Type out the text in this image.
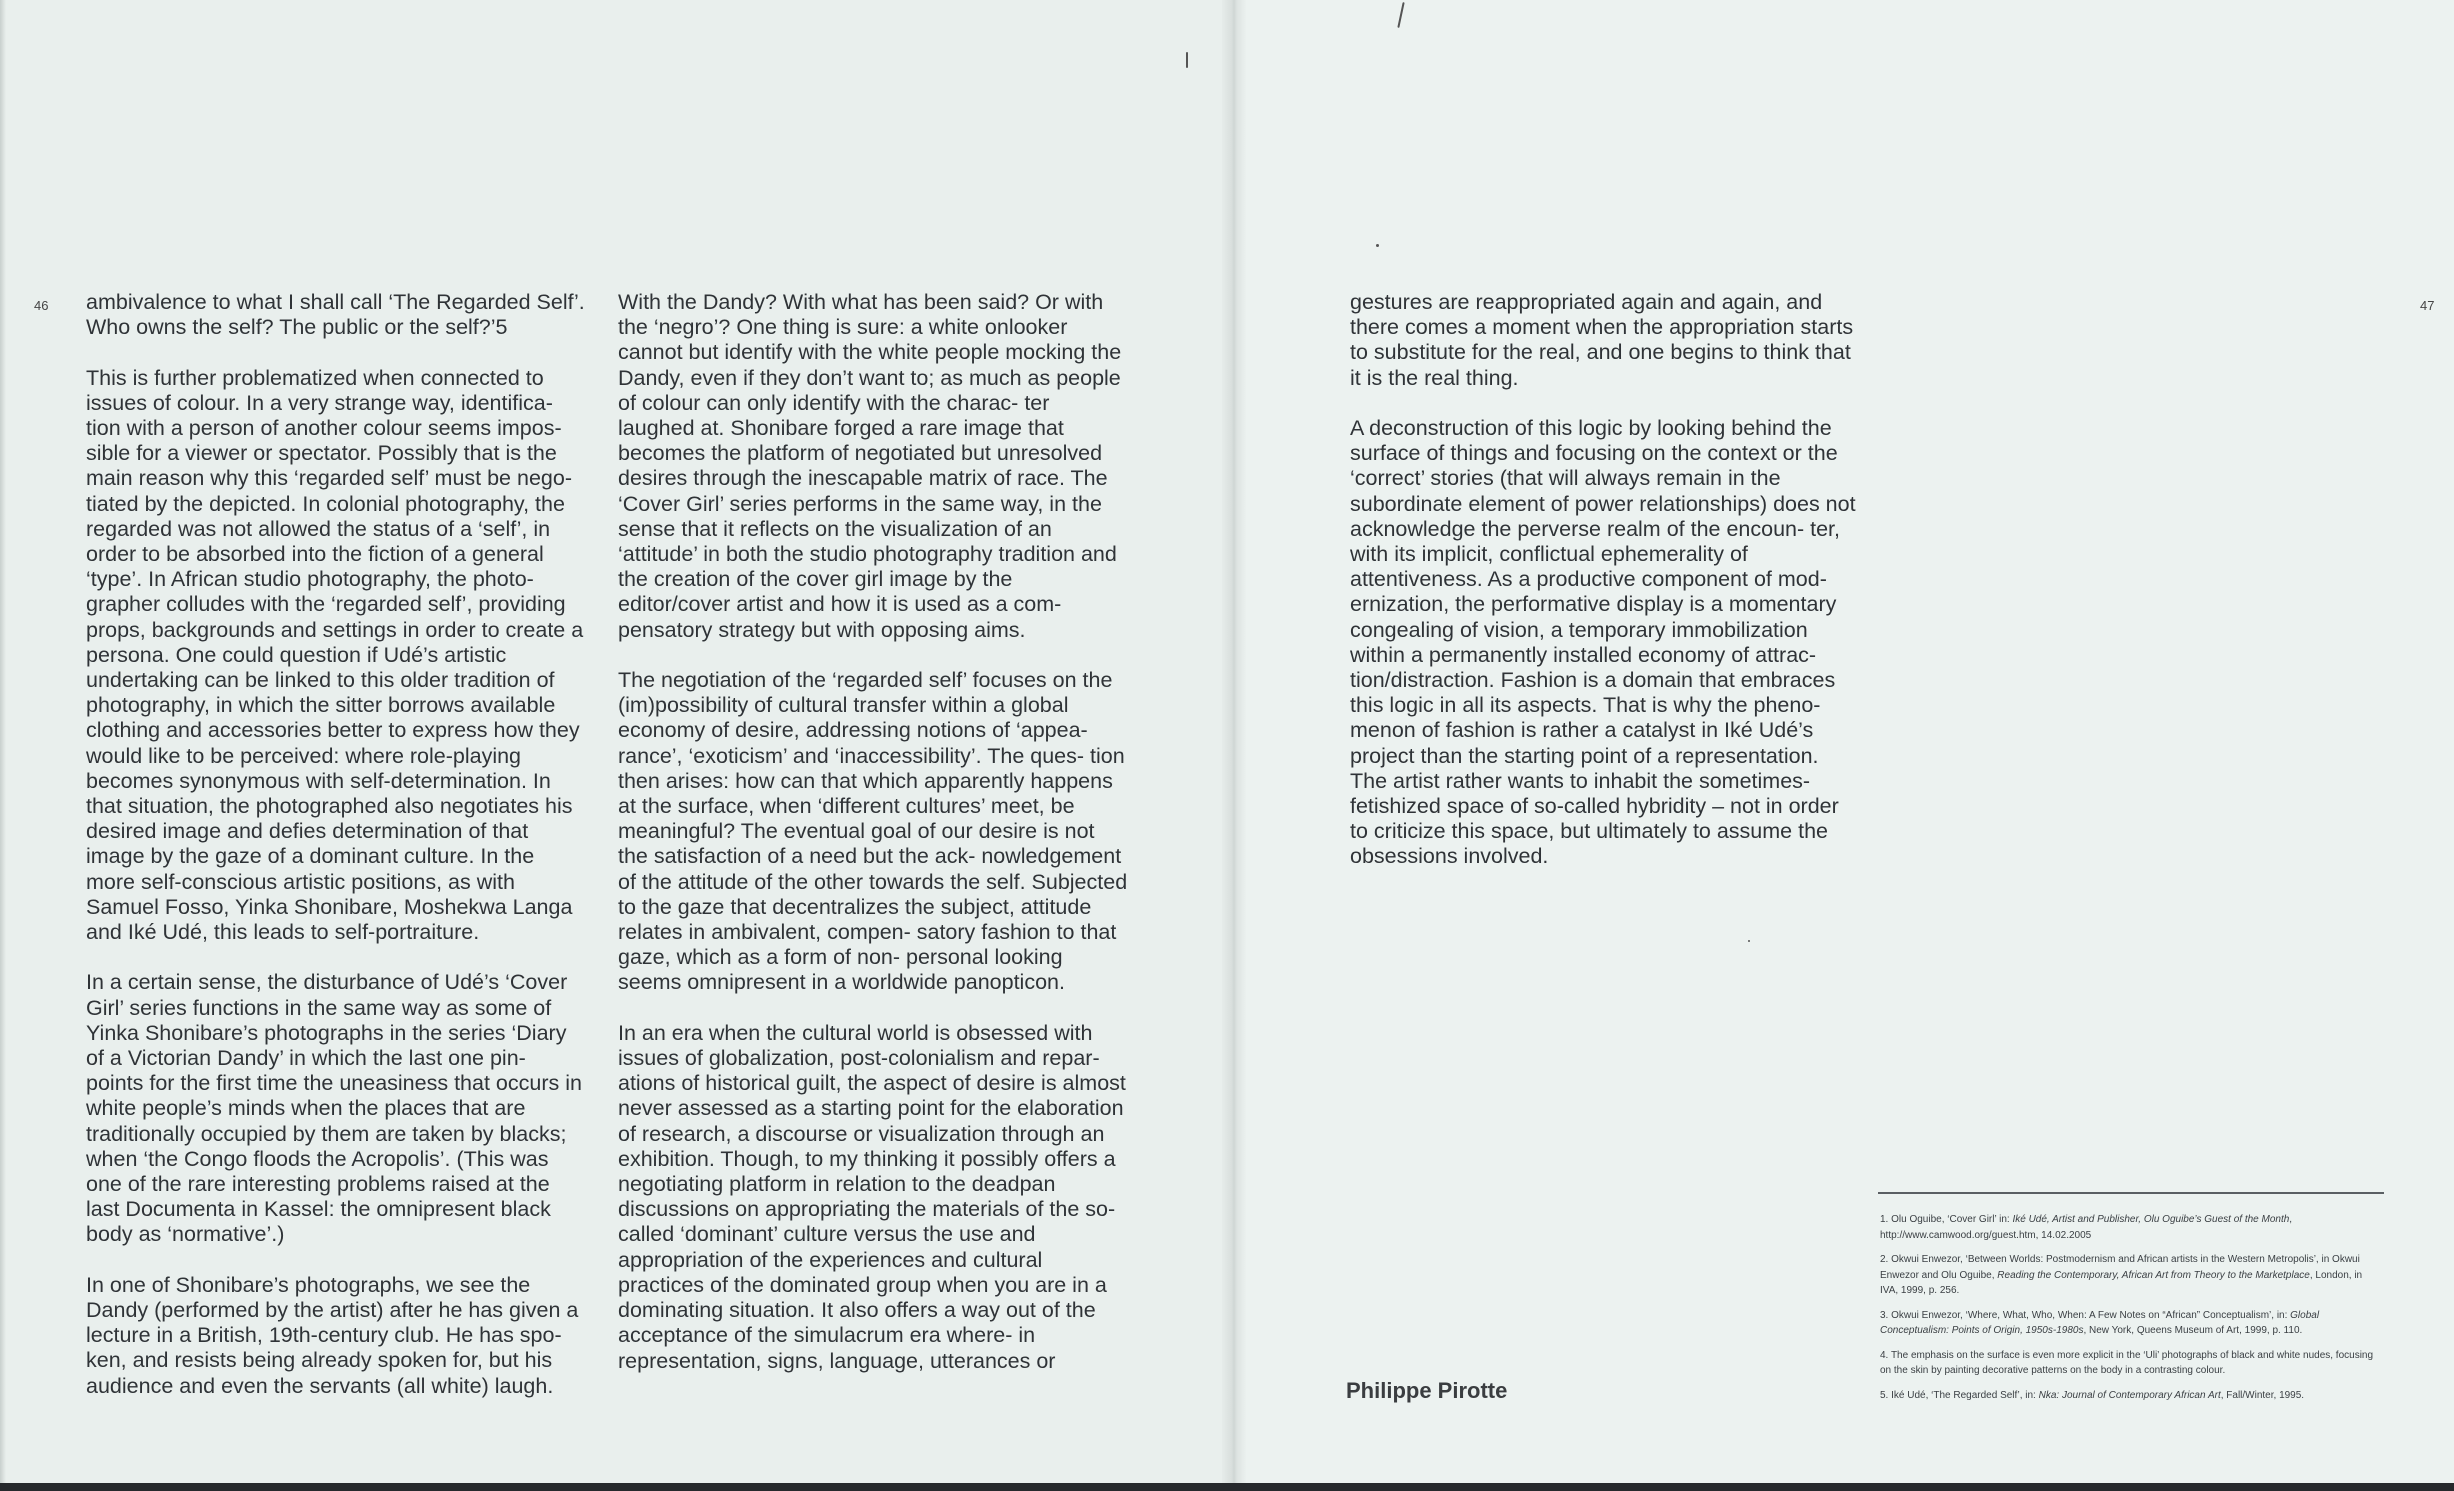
46	47

ambivalence to what I shall call ‘The Regarded Self’. Who owns the self? The public or the self?’5

This is further problematized when connected to issues of colour. In a very strange way, identifica- tion with a person of another colour seems impos- sible for a viewer or spectator. Possibly that is the main reason why this ‘regarded self’ must be nego- tiated by the depicted. In colonial photography, the regarded was not allowed the status of a ‘self’, in order to be absorbed into the fiction of a general ‘type’. In African studio photography, the photo- grapher colludes with the ‘regarded self’, providing props, backgrounds and settings in order to create a persona. One could question if Udé’s artistic undertaking can be linked to this older tradition of photography, in which the sitter borrows available clothing and accessories better to express how they would like to be perceived: where role-playing becomes synonymous with self-determination. In that situation, the photographed also negotiates his desired image and defies determination of that image by the gaze of a dominant culture. In the more self-conscious artistic positions, as with Samuel Fosso, Yinka Shonibare, Moshekwa Langa and Iké Udé, this leads to self-portraiture.

In a certain sense, the disturbance of Udé’s ‘Cover Girl’ series functions in the same way as some of Yinka Shonibare’s photographs in the series ‘Diary of a Victorian Dandy’ in which the last one pin- points for the first time the uneasiness that occurs in white people’s minds when the places that are traditionally occupied by them are taken by blacks; when ‘the Congo floods the Acropolis’. (This was one of the rare interesting problems raised at the last Documenta in Kassel: the omnipresent black body as ‘normative’.)

In one of Shonibare’s photographs, we see the Dandy (performed by the artist) after he has given a lecture in a British, 19th-century club. He has spo- ken, and resists being already spoken for, but his audience and even the servants (all white) laugh.

With the Dandy? With what has been said? Or with the ‘negro’? One thing is sure: a white onlooker cannot but identify with the white people mocking the Dandy, even if they don’t want to; as much as people of colour can only identify with the charac- ter laughed at. Shonibare forged a rare image that becomes the platform of negotiated but unresolved desires through the inescapable matrix of race. The ‘Cover Girl’ series performs in the same way, in the sense that it reflects on the visualization of an ‘attitude’ in both the studio photography tradition and the creation of the cover girl image by the editor/cover artist and how it is used as a com- pensatory strategy but with opposing aims.

The negotiation of the ‘regarded self’ focuses on the (im)possibility of cultural transfer within a global economy of desire, addressing notions of ‘appea- rance’, ‘exoticism’ and ‘inaccessibility’. The ques- tion then arises: how can that which apparently happens at the surface, when ‘different cultures’ meet, be meaningful? The eventual goal of our desire is not the satisfaction of a need but the ack- nowledgement of the attitude of the other towards the self. Subjected to the gaze that decentralizes the subject, attitude relates in ambivalent, compen- satory fashion to that gaze, which as a form of non- personal looking seems omnipresent in a worldwide panopticon.

In an era when the cultural world is obsessed with issues of globalization, post-colonialism and repar- ations of historical guilt, the aspect of desire is almost never assessed as a starting point for the elaboration of research, a discourse or visualization through an exhibition. Though, to my thinking it possibly offers a negotiating platform in relation to the deadpan discussions on appropriating the materials of the so-called ‘dominant’ culture versus the use and appropriation of the experiences and cultural practices of the dominated group when you are in a dominating situation. It also offers a way out of the acceptance of the simulacrum era where- in representation, signs, language, utterances or

gestures are reappropriated again and again, and there comes a moment when the appropriation starts to substitute for the real, and one begins to think that it is the real thing.

A deconstruction of this logic by looking behind the surface of things and focusing on the context or the ‘correct’ stories (that will always remain in the subordinate element of power relationships) does not acknowledge the perverse realm of the encoun- ter, with its implicit, conflictual ephemerality of attentiveness. As a productive component of mod- ernization, the performative display is a momentary congealing of vision, a temporary immobilization within a permanently installed economy of attrac- tion/distraction. Fashion is a domain that embraces this logic in all its aspects. That is why the pheno- menon of fashion is rather a catalyst in Iké Udé’s project than the starting point of a representation. The artist rather wants to inhabit the sometimes- fetishized space of so-called hybridity – not in order to criticize this space, but ultimately to assume the obsessions involved.

Philippe Pirotte
1. Olu Oguibe, ‘Cover Girl’ in: Iké Udé, Artist and Publisher, Olu Oguibe’s Guest of the Month, http://www.camwood.org/guest.htm, 14.02.2005
2. Okwui Enwezor, ‘Between Worlds: Postmodernism and African artists in the Western Metropolis’, in Okwui Enwezor and Olu Oguibe, Reading the Contemporary, African Art from Theory to the Marketplace, London, in IVA, 1999, p. 256.
3. Okwui Enwezor, ‘Where, What, Who, When: A Few Notes on “African” Conceptualism’, in: Global Conceptualism: Points of Origin, 1950s-1980s, New York, Queens Museum of Art, 1999, p. 110.
4. The emphasis on the surface is even more explicit in the ‘Uli’ photographs of black and white nudes, focusing on the skin by painting decorative patterns on the body in a contrasting colour.
5. Iké Udé, ‘The Regarded Self’, in: Nka: Journal of Contemporary African Art, Fall/Winter, 1995.
